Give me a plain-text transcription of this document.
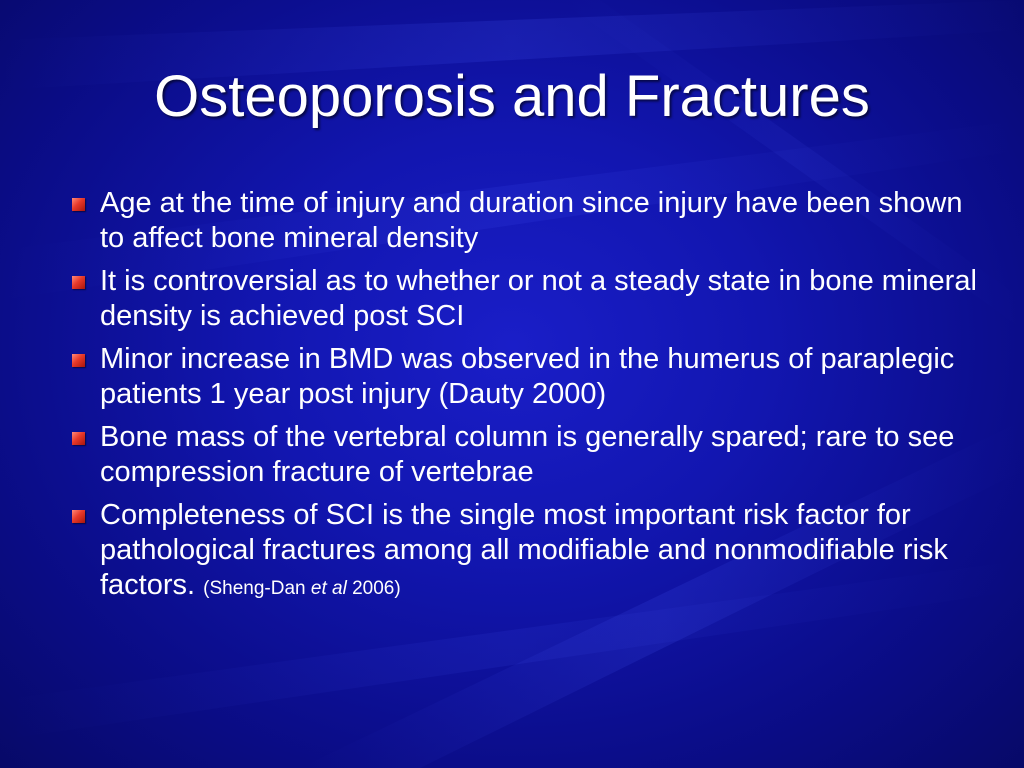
Osteoporosis and Fractures
Age at the time of injury and duration since injury have been shown to affect bone mineral density
It is controversial as to whether or not a steady state in bone mineral density is achieved post SCI
Minor increase in BMD was observed in the humerus of paraplegic patients 1 year post injury (Dauty 2000)
Bone mass of the vertebral column is generally spared; rare to see compression fracture of vertebrae
Completeness of SCI is the single most important risk factor for pathological fractures among all modifiable and nonmodifiable risk factors. (Sheng-Dan et al 2006)
